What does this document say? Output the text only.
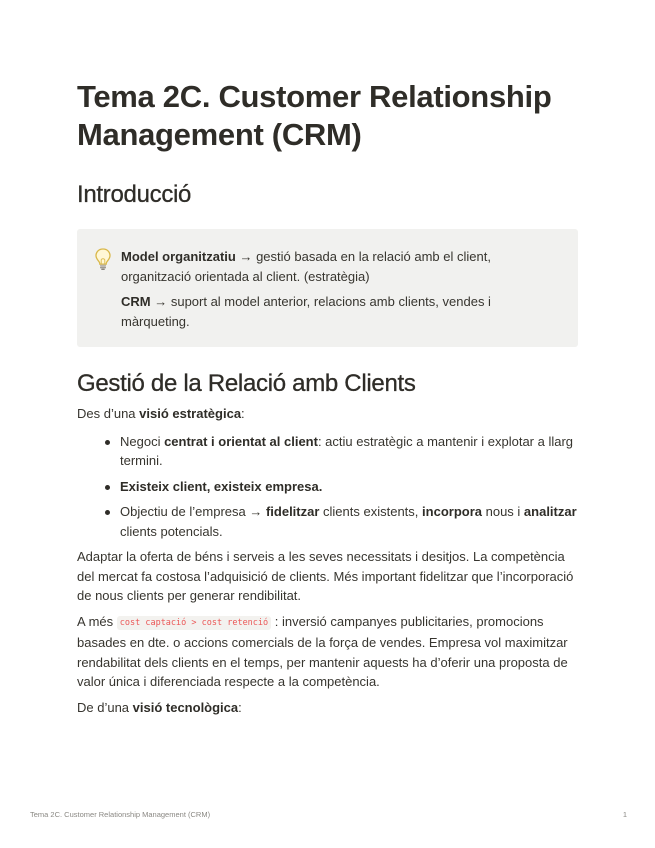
Tema 2C. Customer Relationship Management (CRM)
Introducció

Model organitzatiu → gestió basada en la relació amb el client, organització orientada al client. (estratègia)

CRM → suport al model anterior, relacions amb clients, vendes i màrqueting.

Gestió de la Relació amb Clients

Des d’una visió estratègica:

Negoci centrat i orientat al client: actiu estratègic a mantenir i explotar a llarg termini.
Existeix client, existeix empresa.
Objectiu de l’empresa → fidelitzar clients existents, incorpora nous i analitzar clients potencials.

Adaptar la oferta de béns i serveis a les seves necessitats i desitjos. La competència del mercat fa costosa l’adquisició de clients. Més important fidelitzar que l’incorporació de nous clients per generar rendibilitat.

A més cost captació > cost retenció : inversió campanyes publicitaries, promocions basades en dte. o accions comercials de la força de vendes. Empresa vol maximitzar rendabilitat dels clients en el temps, per mantenir aquests ha d’oferir una proposta de valor única i diferenciada respecte a la competència.

De d’una visió tecnològica:

Tema 2C. Customer Relationship Management (CRM)	1
